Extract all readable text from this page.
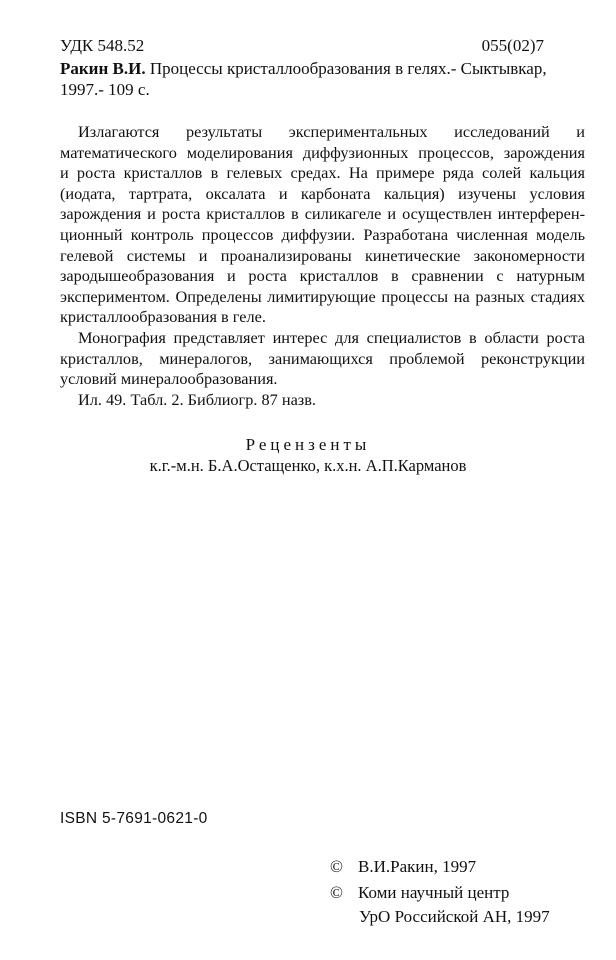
УДК 548.52	055(02)7
Ракин В.И. Процессы кристаллообразования в гелях.- Сыктывкар,
1997.- 109 с.

Излагаются результаты экспериментальных исследований и
математического моделирования диффузионных процессов, зарождения
и роста кристаллов в гелевых средах. На примере ряда солей кальция
(иодата, тартрата, оксалата и карбоната кальция) изучены условия
зарождения и роста кристаллов в силикагеле и осуществлен интерферен-
ционный контроль процессов диффузии. Разработана численная модель
гелевой системы и проанализированы кинетические закономерности
зародышеобразования и роста кристаллов в сравнении с натурным
экспериментом. Определены лимитирующие процессы на разных стадиях
кристаллообразования в геле.

Монография представляет интерес для специалистов в области роста
кристаллов, минералогов, занимающихся проблемой реконструкции
условий минералообразования.

Ил. 49. Табл. 2. Библиогр. 87 назв.

Рецензенты
к.г.-м.н. Б.А.Остащенко, к.х.н. А.П.Карманов
ISBN 5-7691-0621-0
© В.И.Ракин, 1997
© Коми научный центр
УрО Российской АН, 1997
